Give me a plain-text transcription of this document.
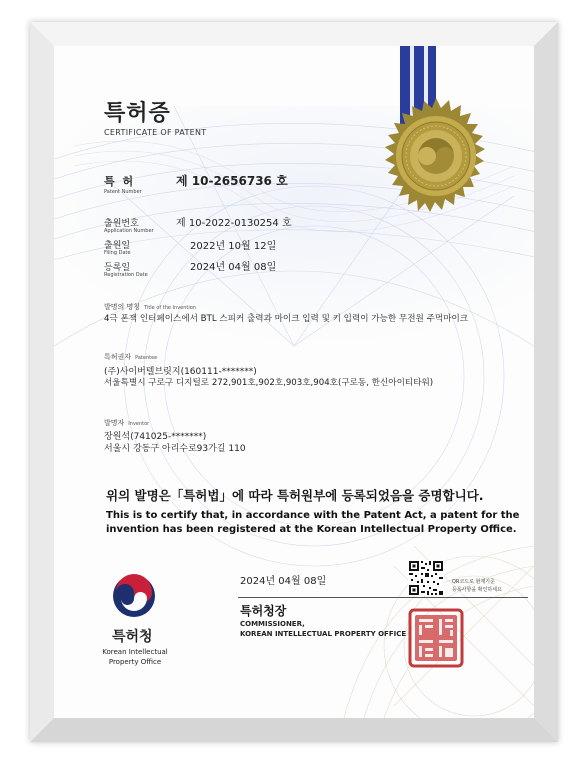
특허증
CERTIFICATE OF PATENT
특 허
Patent Number
제 10-2656736 호
출원번호
Application Number
제 10-2022-0130254 호
출원일
Filing Date
2022년 10월 12일
등록일
Registration Date
2024년 04월 08일
발명의 명칭 Title of the Invention
4극 폰잭 인터페이스에서 BTL 스피커 출력과 마이크 입력 및 키 입력이 가능한 무전원 주먹마이크
특허권자 Patentee
(주)사이버텔브릿지(160111-*******)
서울특별시 구로구 디지털로 272,901호,902호,903호,904호(구로동, 한신아이티타워)
발명자 Inventor
장원석(741025-*******)
서울시 강동구 아리수로93가길 110
위의 발명은「특허법」에 따라 특허원부에 등록되었음을 증명합니다.
This is to certify that, in accordance with the Patent Act, a patent for the
invention has been registered at the Korean Intellectual Property Office.
2024년 04월 08일	QR코드로 현재기준
등록사항을 확인하세요
특허청장
COMMISSIONER,
KOREAN INTELLECTUAL PROPERTY OFFICE
특허청
Korean Intellectual
Property Office
